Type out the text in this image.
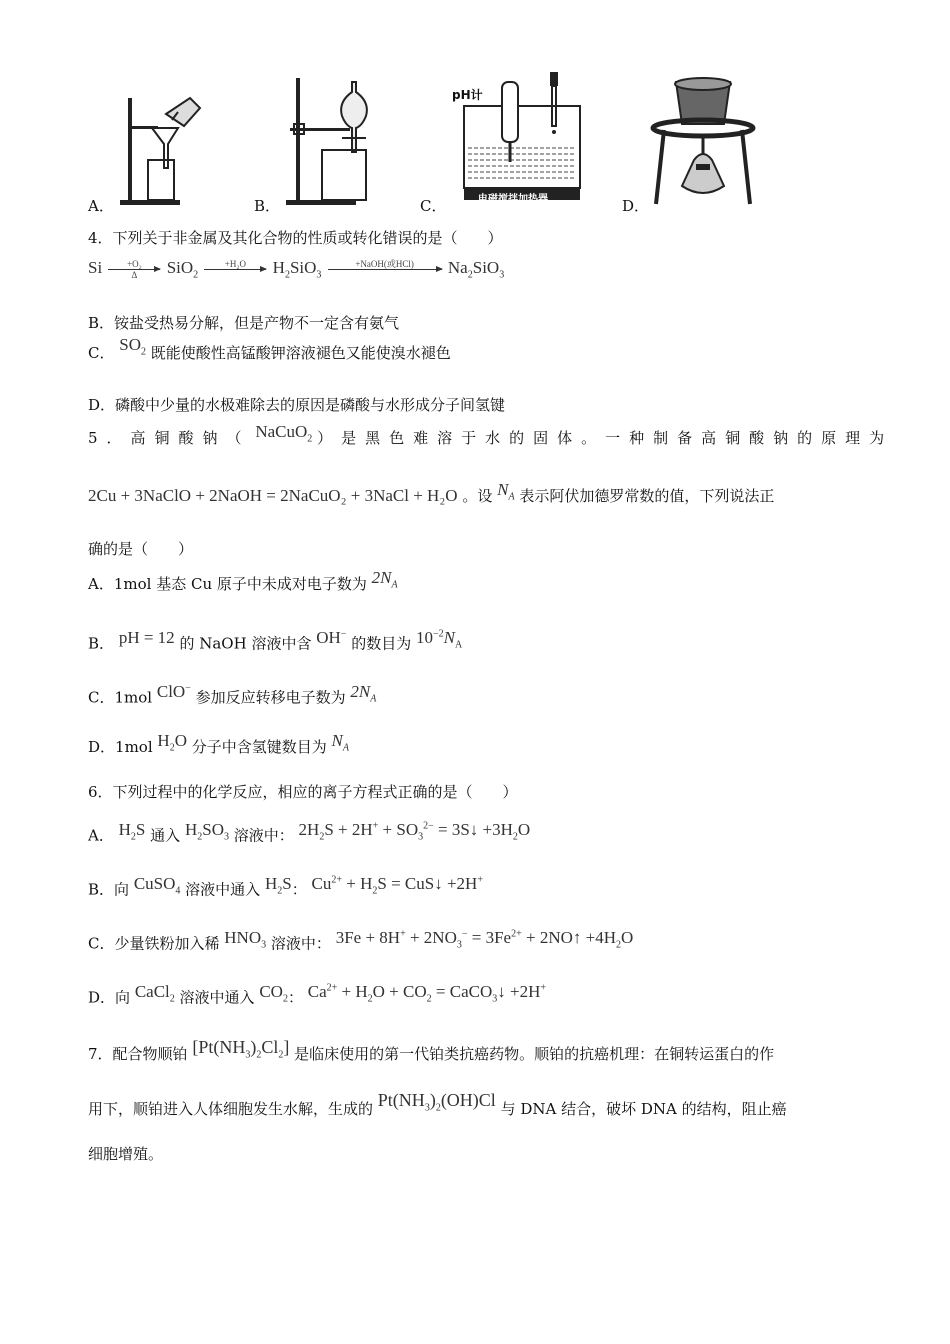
A．	B．
pH计
电磁搅拌加热器
C．	D．
4．下列关于非金属及其化合物的性质或转化错误的是（　　）
Si $\frac{\text{+O₂}}{\Delta} SiO_2$
+H₂O
	$H_2SiO_3$
+NaOH(或HCl)
	$Na_2SiO_3$
B．铵盐受热易分解，但是产物不一定含有氨气
C． $SO_2$ 既能使酸性高锰酸钾溶液褪色又能使溴水褪色
D．磷酸中少量的水极难除去的原因是磷酸与水形成分子间氢键
5．高铜酸钠（ NaCuO$_2$ ）是黑色难溶于水的固体。一种制备高铜酸钠的原理为
2Cu + 3NaClO + 2NaOH = 2NaCuO₂ + 3NaCl + H₂O 。设 $N_A$ 表示阿伏加德罗常数的值，下列说法正
确的是（　　）
A．1mol 基态 Cu 原子中未成对电子数为 $2N_A$
B． pH = 12 的 NaOH 溶液中含 OH− 的数目为 $10^{-2}N_A$
C．1mol ClO− 参加反应转移电子数为 $2N_A$
D．1mol $H_2O$ 分子中含氢键数目为 $N_A$
6．下列过程中的化学反应，相应的离子方程式正确的是（　　）
A． $H_2S$ 通入 $H_2SO_3$ 溶液中： $2H_2S + 2H^+ + SO_3^{2-}$ = 3S↓ $+3H_2O$
B．向 CuSO$_4$ 溶液中通入 $H_2S$： $Cu^{2+} + H_2S$ = CuS↓ +2H+
C．少量铁粉加入稀 $HNO_3$ 溶液中： $3Fe + 8H^+ + 2NO_3^- = 3Fe^{2+}$ + 2NO↑ $+4H_2O$
D．向 CaCl$_2$ 溶液中通入 $CO_2$： $Ca^{2+} + H_2O + CO_2$ = CaCO$_3$↓ +2H+
7．配合物顺铂 $[Pt(NH_3)_2Cl_2]$ 是临床使用的第一代铂类抗癌药物。顺铂的抗癌机理：在铜转运蛋白的作
用下，顺铂进入人体细胞发生水解，生成的 $Pt(NH_3)_2(OH)Cl$ 与 DNA 结合，破坏 DNA 的结构，阻止癌
细胞增殖。
